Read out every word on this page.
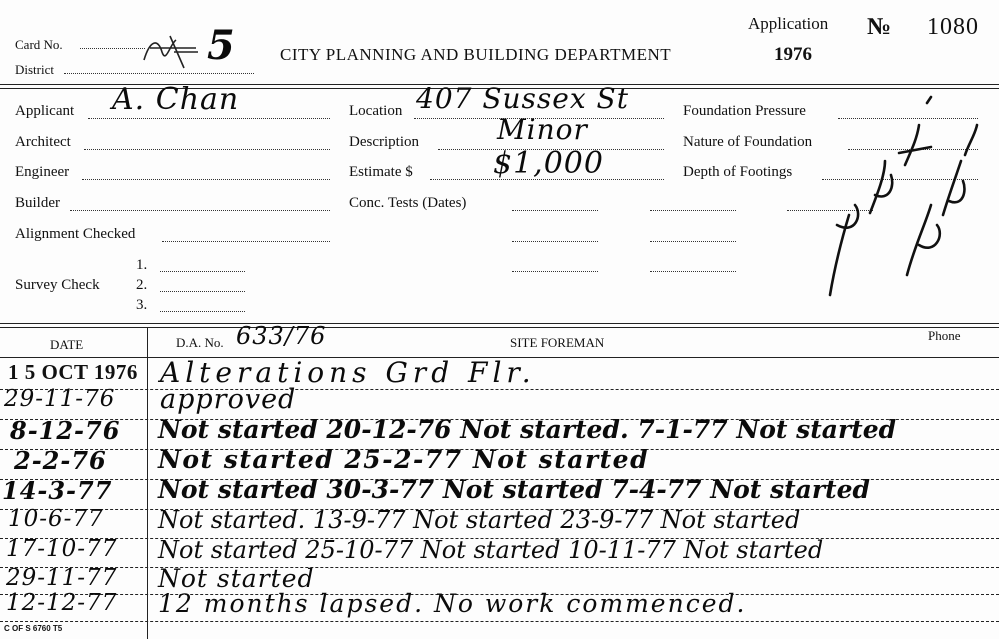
Card No.
District
5	CITY PLANNING AND BUILDING DEPARTMENT
Application
1976
№ 1080
Applicant A. Chan
Architect
Engineer
Builder
Alignment Checked
Survey Check
1.
2.
3.
Location 407 Sussex St
Description	Minor
Estimate $	$1,000
Conc. Tests (Dates)
Foundation Pressure
Nature of Foundation
Depth of Footings
DATE	D.A. No. 633/76	SITE FOREMAN	Phone
1 5 OCT 1976 Alterations Grd Flr.
29-11-76 approved
8-12-76 Not started 20-12-76 Not started. 7-1-77 Not started
2-2-76 Not started 25-2-77 Not started
14-3-77 Not started 30-3-77 Not started 7-4-77 Not started
10-6-77 Not started. 13-9-77 Not started 23-9-77 Not started
17-10-77 Not started 25-10-77 Not started 10-11-77 Not started
29-11-77 Not started
12-12-77 12 months lapsed. No work commenced.
C OF S 6760 T5
